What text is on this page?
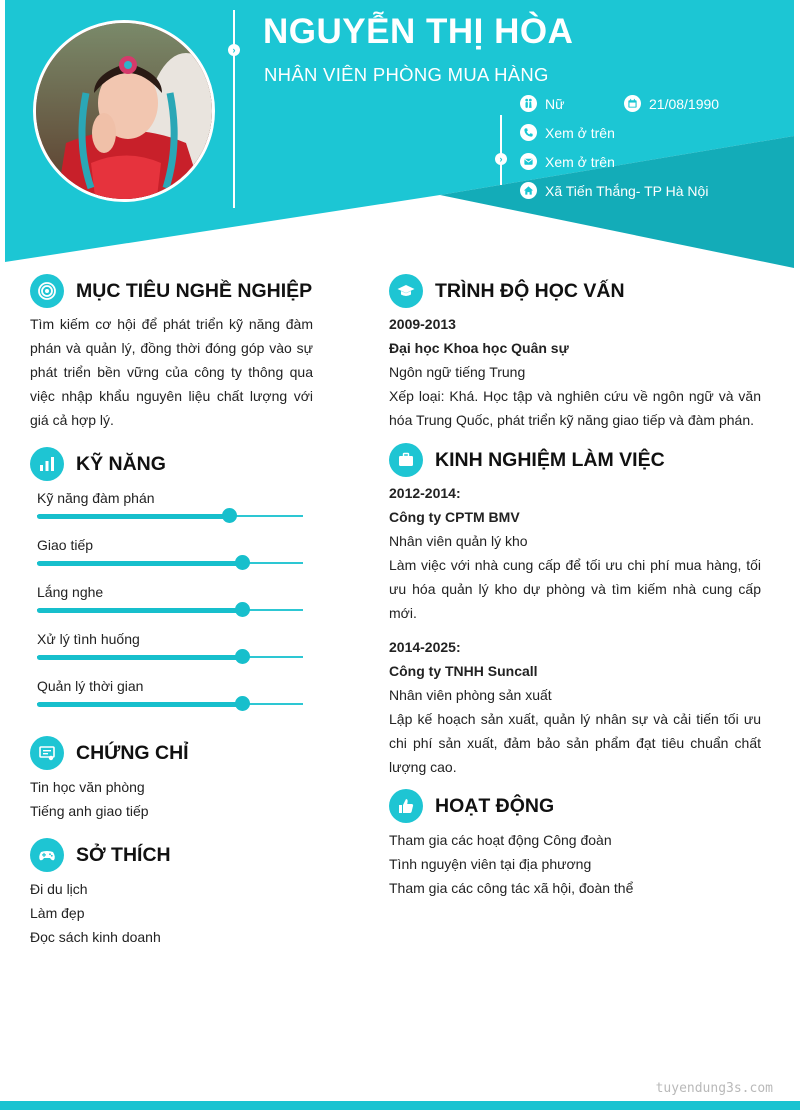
› NGUYỄN THỊ HÒA
NHÂN VIÊN PHÒNG MUA HÀNG
›
Nữ	21/08/1990
Xem ở trên
Xem ở trên
Xã Tiến Thắng- TP Hà Nội
MỤC TIÊU NGHỀ NGHIỆP
Tìm kiếm cơ hội để phát triển kỹ năng đàm phán và quản lý, đồng thời đóng góp vào sự phát triển bền vững của công ty thông qua việc nhập khẩu nguyên liệu chất lượng với giá cả hợp lý.
KỸ NĂNG
Kỹ năng đàm phán
Giao tiếp
Lắng nghe
Xử lý tình huống
Quản lý thời gian
CHỨNG CHỈ
Tin học văn phòng
Tiếng anh giao tiếp
SỞ THÍCH
Đi du lịch
Làm đẹp
Đọc sách kinh doanh
TRÌNH ĐỘ HỌC VẤN
2009-2013
Đại học Khoa học Quân sự
Ngôn ngữ tiếng Trung
Xếp loại: Khá. Học tập và nghiên cứu về ngôn ngữ và văn hóa Trung Quốc, phát triển kỹ năng giao tiếp và đàm phán.
KINH NGHIỆM LÀM VIỆC
2012-2014:
Công ty CPTM BMV
Nhân viên quản lý kho
Làm việc với nhà cung cấp để tối ưu chi phí mua hàng, tối ưu hóa quản lý kho dự phòng và tìm kiếm nhà cung cấp mới.
2014-2025:
Công ty TNHH Suncall
Nhân viên phòng sản xuất
Lập kế hoạch sản xuất, quản lý nhân sự và cải tiến tối ưu chi phí sản xuất, đảm bảo sản phẩm đạt tiêu chuẩn chất lượng cao.
HOẠT ĐỘNG
Tham gia các hoạt động Công đoàn
Tình nguyện viên tại địa phương
Tham gia các công tác xã hội, đoàn thể
tuyendung3s.com
